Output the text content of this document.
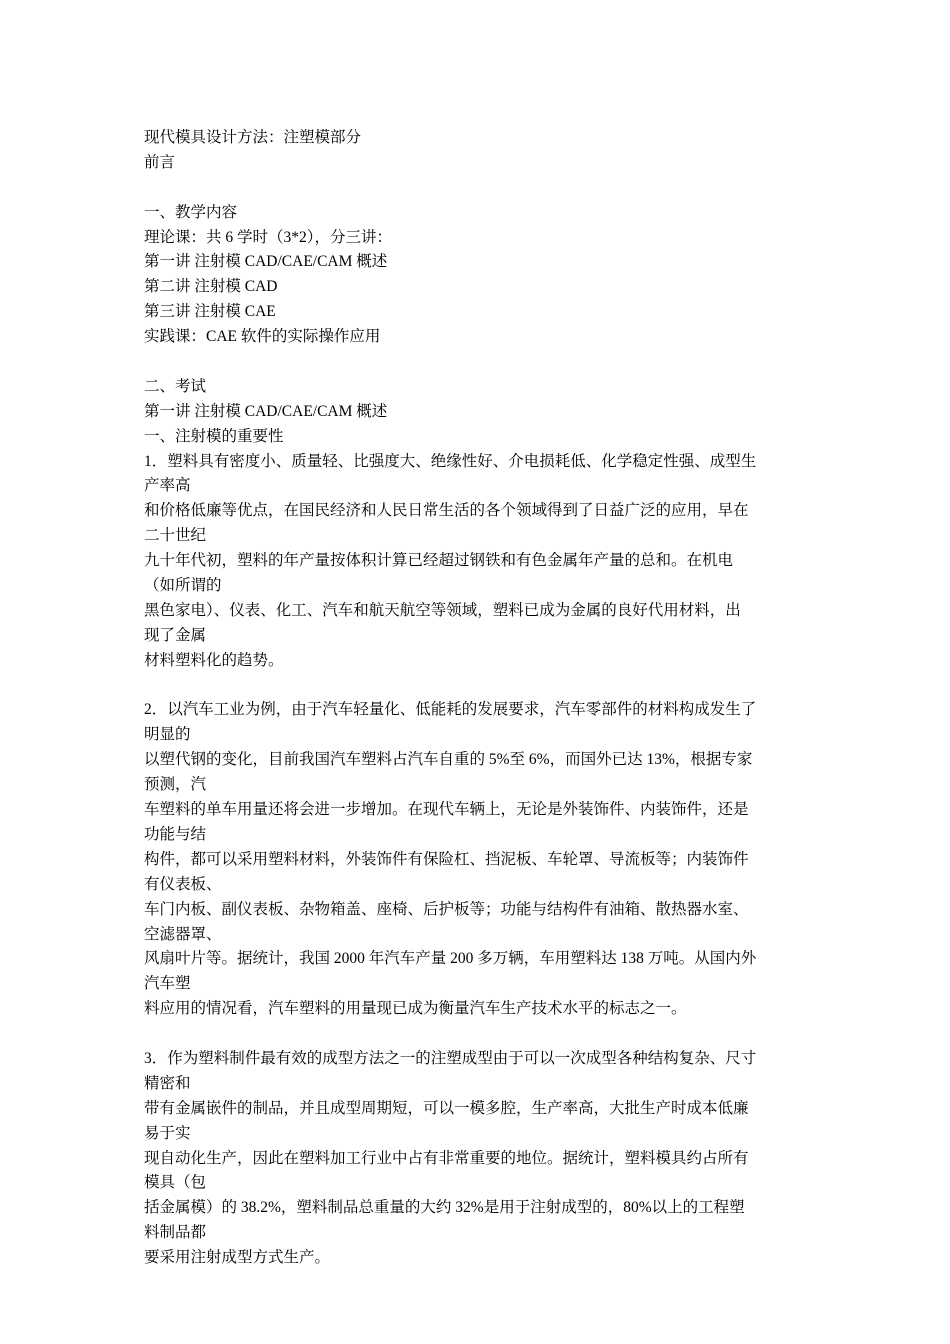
现代模具设计方法：注塑模部分
前言
一、教学内容
理论课：共 6 学时（3*2），分三讲：
第一讲 注射模 CAD/CAE/CAM 概述
第二讲 注射模 CAD
第三讲 注射模 CAE
实践课：CAE 软件的实际操作应用
二、考试
第一讲 注射模 CAD/CAE/CAM 概述
一、注射模的重要性
1．塑料具有密度小、质量轻、比强度大、绝缘性好、介电损耗低、化学稳定性强、成型生
产率高
和价格低廉等优点，在国民经济和人民日常生活的各个领域得到了日益广泛的应用，早在
二十世纪
九十年代初，塑料的年产量按体积计算已经超过钢铁和有色金属年产量的总和。在机电
（如所谓的
黑色家电）、仪表、化工、汽车和航天航空等领域，塑料已成为金属的良好代用材料，出
现了金属
材料塑料化的趋势。
2．以汽车工业为例，由于汽车轻量化、低能耗的发展要求，汽车零部件的材料构成发生了
明显的
以塑代钢的变化，目前我国汽车塑料占汽车自重的 5%至 6%，而国外已达 13%，根据专家
预测，汽
车塑料的单车用量还将会进一步增加。在现代车辆上，无论是外装饰件、内装饰件，还是
功能与结
构件，都可以采用塑料材料，外装饰件有保险杠、挡泥板、车轮罩、导流板等；内装饰件
有仪表板、
车门内板、副仪表板、杂物箱盖、座椅、后护板等；功能与结构件有油箱、散热器水室、
空滤器罩、
风扇叶片等。据统计，我国 2000 年汽车产量 200 多万辆，车用塑料达 138 万吨。从国内外
汽车塑
料应用的情况看，汽车塑料的用量现已成为衡量汽车生产技术水平的标志之一。
3．作为塑料制件最有效的成型方法之一的注塑成型由于可以一次成型各种结构复杂、尺寸
精密和
带有金属嵌件的制品，并且成型周期短，可以一模多腔，生产率高，大批生产时成本低廉
易于实
现自动化生产，因此在塑料加工行业中占有非常重要的地位。据统计，塑料模具约占所有
模具（包
括金属模）的 38.2%，塑料制品总重量的大约 32%是用于注射成型的，80%以上的工程塑
料制品都
要采用注射成型方式生产。
